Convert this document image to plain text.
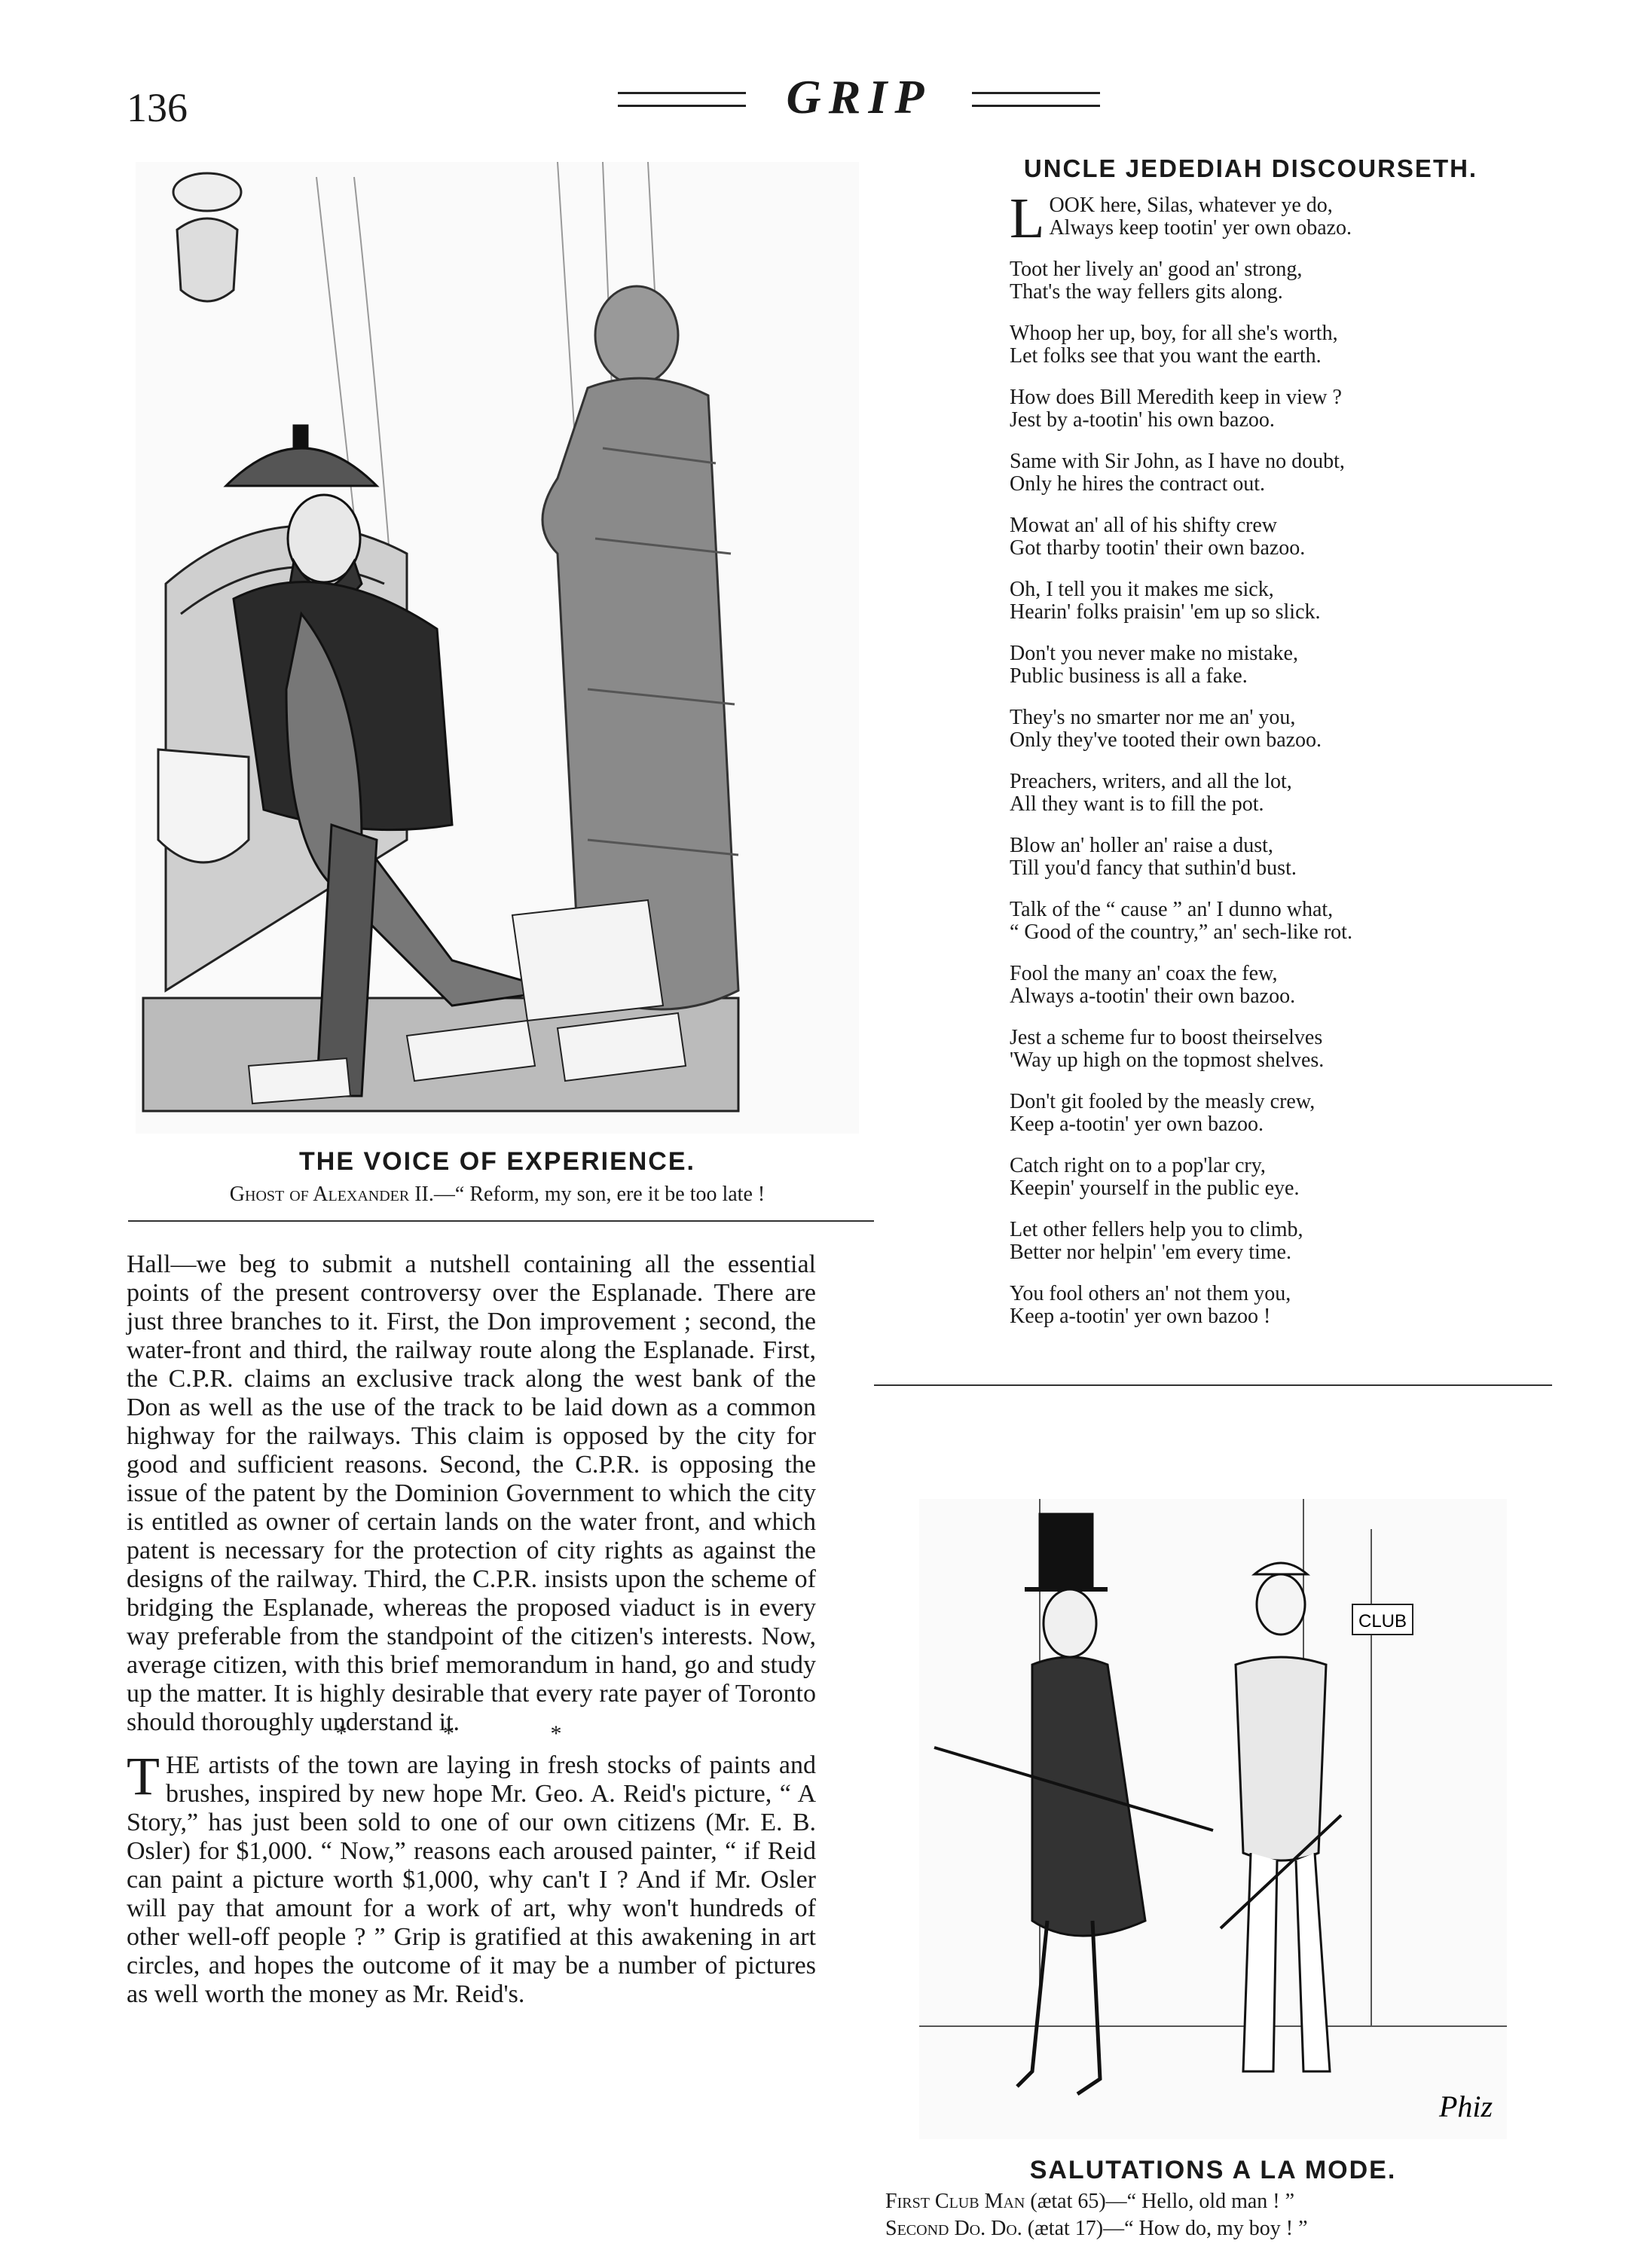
136	GRIP
THE VOICE OF EXPERIENCE.
Ghost of Alexander II.—“ Reform, my son, ere it be too late !

Hall—we beg to submit a nutshell containing all the essential points of the present controversy over the Esplanade. There are just three branches to it. First, the Don improvement ; second, the water-front and third, the railway route along the Esplanade. First, the C.P.R. claims an exclusive track along the west bank of the Don as well as the use of the track to be laid down as a common highway for the railways. This claim is opposed by the city for good and sufficient reasons. Second, the C.P.R. is opposing the issue of the patent by the Dominion Government to which the city is entitled as owner of certain lands on the water front, and which patent is necessary for the protection of city rights as against the designs of the railway. Third, the C.P.R. insists upon the scheme of bridging the Esplanade, whereas the proposed viaduct is in every way preferable from the standpoint of the citizen's interests. Now, average citizen, with this brief memorandum in hand, go and study up the matter. It is highly desirable that every rate payer of Toronto should thoroughly understand it.

* * *
THE artists of the town are laying in fresh stocks of paints and brushes, inspired by new hope Mr. Geo. A. Reid's picture, “ A Story,” has just been sold to one of our own citizens (Mr. E. B. Osler) for $1,000. “ Now,” reasons each aroused painter, “ if Reid can paint a picture worth $1,000, why can't I ? And if Mr. Osler will pay that amount for a work of art, why won't hundreds of other well-off people ? ” Grip is gratified at this awakening in art circles, and hopes the outcome of it may be a number of pictures as well worth the money as Mr. Reid's.
UNCLE JEDEDIAH DISCOURSETH.
L OOK here, Silas, whatever ye do,
Always keep tootin' yer own obazo.
Toot her lively an' good an' strong,
That's the way fellers gits along.
Whoop her up, boy, for all she's worth,
Let folks see that you want the earth.
How does Bill Meredith keep in view ?
Jest by a-tootin' his own bazoo.
Same with Sir John, as I have no doubt,
Only he hires the contract out.
Mowat an' all of his shifty crew
Got tharby tootin' their own bazoo.
Oh, I tell you it makes me sick,
Hearin' folks praisin' 'em up so slick.
Don't you never make no mistake,
Public business is all a fake.
They's no smarter nor me an' you,
Only they've tooted their own bazoo.
Preachers, writers, and all the lot,
All they want is to fill the pot.
Blow an' holler an' raise a dust,
Till you'd fancy that suthin'd bust.
Talk of the “ cause ” an' I dunno what,
“ Good of the country,” an' sech-like rot.
Fool the many an' coax the few,
Always a-tootin' their own bazoo.
Jest a scheme fur to boost theirselves
'Way up high on the topmost shelves.
Don't git fooled by the measly crew,
Keep a-tootin' yer own bazoo.
Catch right on to a pop'lar cry,
Keepin' yourself in the public eye.
Let other fellers help you to climb,
Better nor helpin' 'em every time.
You fool others an' not them you,
Keep a-tootin' yer own bazoo !
CLUB
Phiz
SALUTATIONS A LA MODE.
First Club Man (ætat 65)—“ Hello, old man ! ”
Second Do. Do. (ætat 17)—“ How do, my boy ! ”
